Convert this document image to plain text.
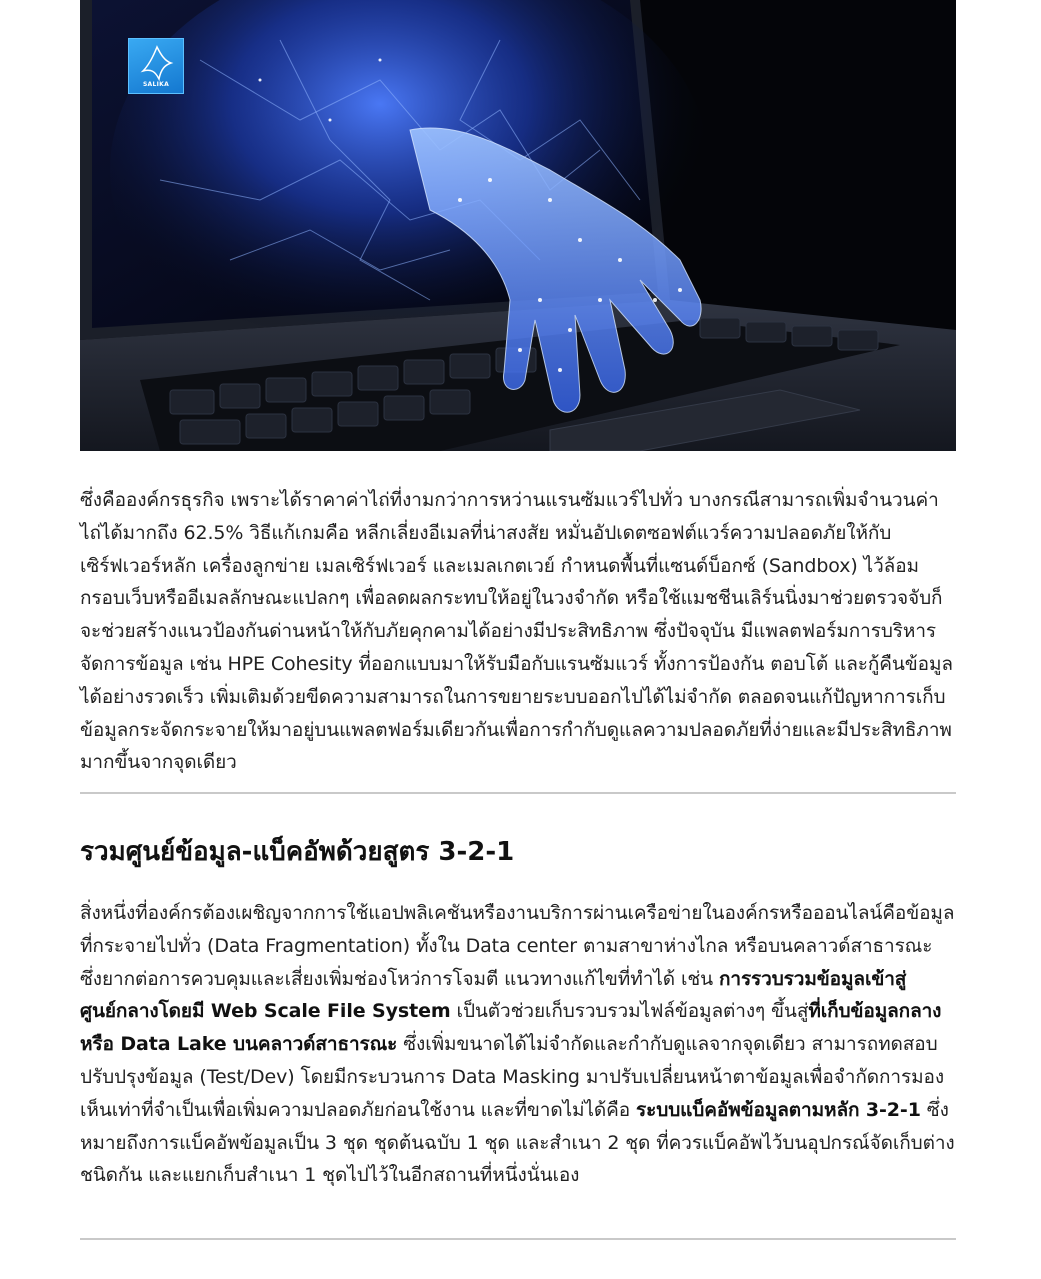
SALIKA

ซึ่งคือองค์กรธุรกิจ เพราะได้ราคาค่าไถ่ที่งามกว่าการหว่านแรนซัมแวร์ไปทั่ว บางกรณีสามารถเพิ่มจำนวนค่าไถ่ได้มากถึง 62.5% วิธีแก้เกมคือ หลีกเลี่ยงอีเมลที่น่าสงสัย หมั่นอัปเดตซอฟต์แวร์ความปลอดภัยให้กับเซิร์ฟเวอร์หลัก เครื่องลูกข่าย เมลเซิร์ฟเวอร์ และเมลเกตเวย์ กำหนดพื้นที่แซนด์บ็อกซ์ (Sandbox) ไว้ล้อมกรอบเว็บหรืออีเมลลักษณะแปลกๆ เพื่อลดผลกระทบให้อยู่ในวงจำกัด หรือใช้แมชชีนเลิร์นนิ่งมาช่วยตรวจจับก็จะช่วยสร้างแนวป้องกันด่านหน้าให้กับภัยคุกคามได้อย่างมีประสิทธิภาพ ซึ่งปัจจุบัน มีแพลตฟอร์มการบริหารจัดการข้อมูล เช่น HPE Cohesity ที่ออกแบบมาให้รับมือกับแรนซัมแวร์ ทั้งการป้องกัน ตอบโต้ และกู้คืนข้อมูลได้อย่างรวดเร็ว เพิ่มเติมด้วยขีดความสามารถในการขยายระบบออกไปได้ไม่จำกัด ตลอดจนแก้ปัญหาการเก็บข้อมูลกระจัดกระจายให้มาอยู่บนแพลตฟอร์มเดียวกันเพื่อการกำกับดูแลความปลอดภัยที่ง่ายและมีประสิทธิภาพมากขึ้นจากจุดเดียว

รวมศูนย์ข้อมูล-แบ็คอัพด้วยสูตร 3-2-1

สิ่งหนึ่งที่องค์กรต้องเผชิญจากการใช้แอปพลิเคชันหรืองานบริการผ่านเครือข่ายในองค์กรหรือออนไลน์คือข้อมูลที่กระจายไปทั่ว (Data Fragmentation) ทั้งใน Data center ตามสาขาห่างไกล หรือบนคลาวด์สาธารณะ ซึ่งยากต่อการควบคุมและเสี่ยงเพิ่มช่องโหว่การโจมตี แนวทางแก้ไขที่ทำได้ เช่น การรวบรวมข้อมูลเข้าสู่ศูนย์กลางโดยมี Web Scale File System เป็นตัวช่วยเก็บรวบรวมไฟล์ข้อมูลต่างๆ ขึ้นสู่ที่เก็บข้อมูลกลาง หรือ Data Lake บนคลาวด์สาธารณะ ซึ่งเพิ่มขนาดได้ไม่จำกัดและกำกับดูแลจากจุดเดียว สามารถทดสอบปรับปรุงข้อมูล (Test/Dev) โดยมีกระบวนการ Data Masking มาปรับเปลี่ยนหน้าตาข้อมูลเพื่อจำกัดการมองเห็นเท่าที่จำเป็นเพื่อเพิ่มความปลอดภัยก่อนใช้งาน และที่ขาดไม่ได้คือ ระบบแบ็คอัพข้อมูลตามหลัก 3-2-1 ซึ่งหมายถึงการแบ็คอัพข้อมูลเป็น 3 ชุด ชุดต้นฉบับ 1 ชุด และสำเนา 2 ชุด ที่ควรแบ็คอัพไว้บนอุปกรณ์จัดเก็บต่างชนิดกัน และแยกเก็บสำเนา 1 ชุดไปไว้ในอีกสถานที่หนึ่งนั่นเอง
